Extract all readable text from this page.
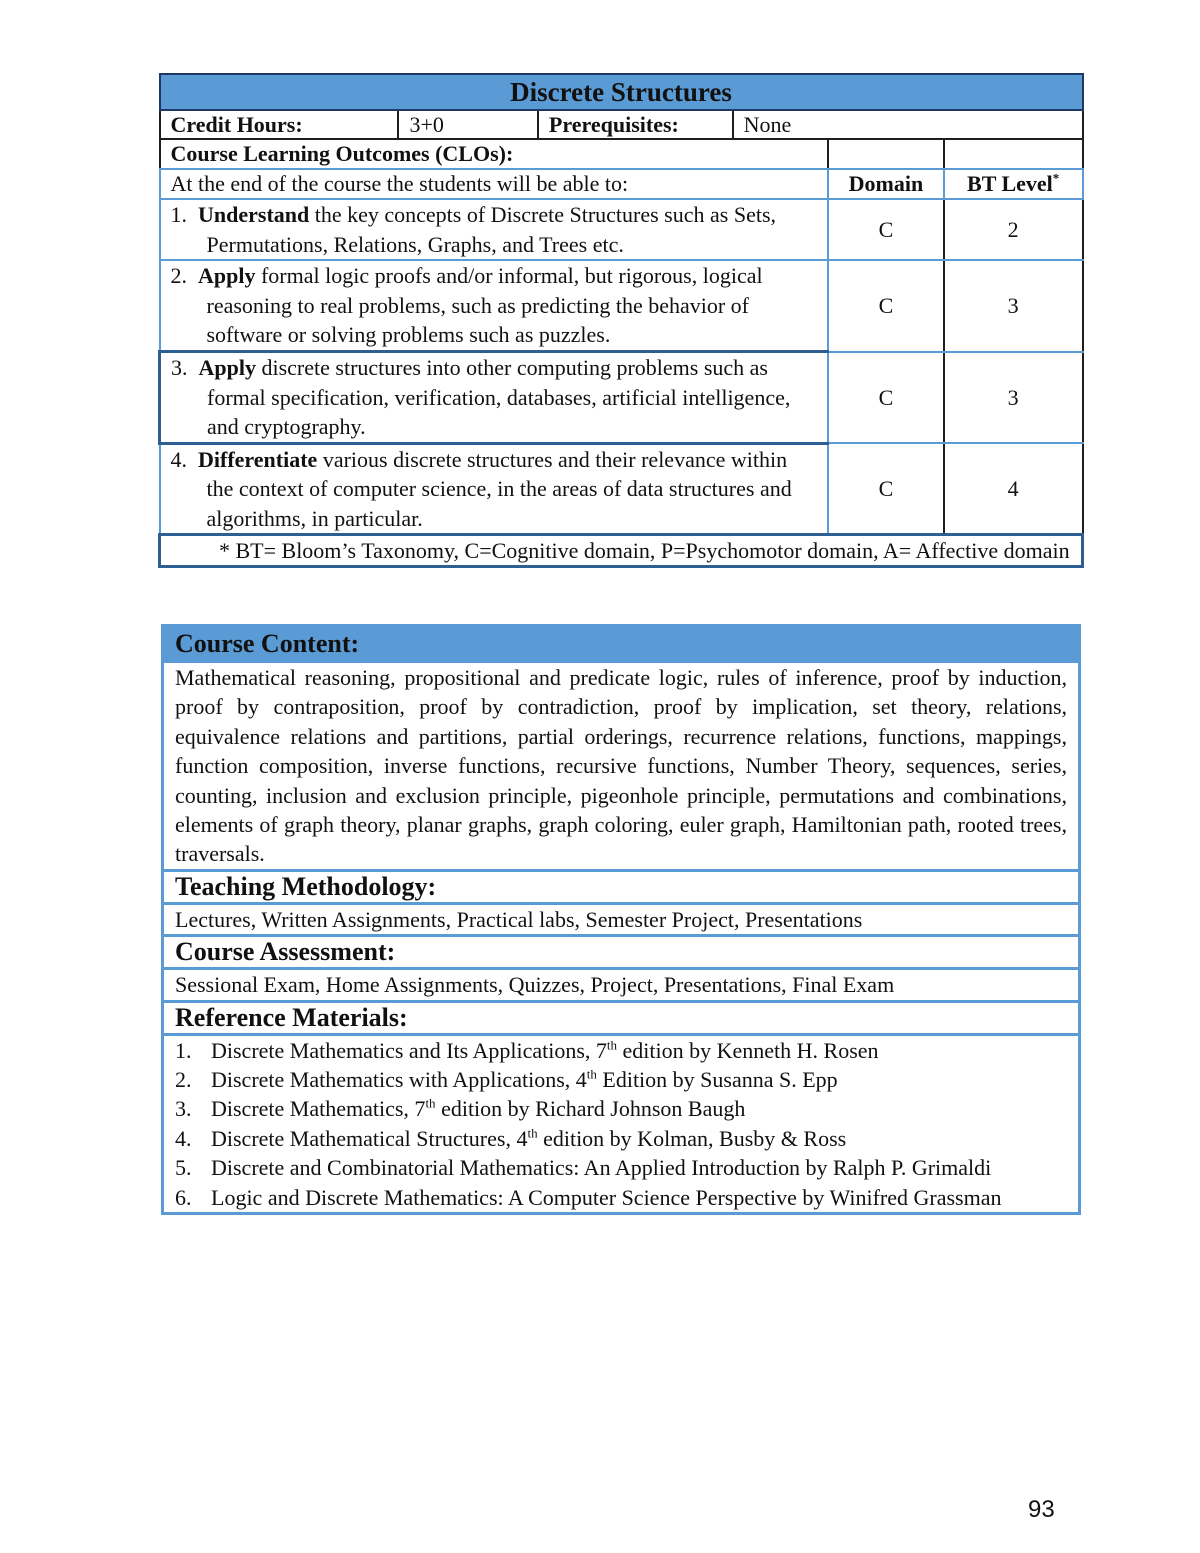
Discrete Structures					
Credit Hours:	3+0	Prerequisites:	None		
Course Learning Outcomes (CLOs):					
At the end of the course the students will be able to:				Domain	BT Level*
1. Understand the key concepts of Discrete Structures such as Sets, Permutations, Relations, Graphs, and Trees etc.				C	2
2. Apply formal logic proofs and/or informal, but rigorous, logical reasoning to real problems, such as predicting the behavior of software or solving problems such as puzzles.				C	3
3. Apply discrete structures into other computing problems such as formal specification, verification, databases, artificial intelligence, and cryptography.				C	3
4. Differentiate various discrete structures and their relevance within the context of computer science, in the areas of data structures and algorithms, in particular.				C	4
* BT= Bloom’s Taxonomy, C=Cognitive domain, P=Psychomotor domain, A= Affective domain					
Course Content:
Mathematical reasoning, propositional and predicate logic, rules of inference, proof by induction, proof by contraposition, proof by contradiction, proof by implication, set theory, relations, equivalence relations and partitions, partial orderings, recurrence relations, functions, mappings, function composition, inverse functions, recursive functions, Number Theory, sequences, series, counting, inclusion and exclusion principle, pigeonhole principle, permutations and combinations, elements of graph theory, planar graphs, graph coloring, euler graph, Hamiltonian path, rooted trees, traversals.
Teaching Methodology:
Lectures, Written Assignments, Practical labs, Semester Project, Presentations
Course Assessment:
Sessional Exam, Home Assignments, Quizzes, Project, Presentations, Final Exam
Reference Materials:

1. Discrete Mathematics and Its Applications, 7th edition by Kenneth H. Rosen
2. Discrete Mathematics with Applications, 4th Edition by Susanna S. Epp
3. Discrete Mathematics, 7th edition by Richard Johnson Baugh
4. Discrete Mathematical Structures, 4th edition by Kolman, Busby & Ross
5. Discrete and Combinatorial Mathematics: An Applied Introduction by Ralph P. Grimaldi
6. Logic and Discrete Mathematics: A Computer Science Perspective by Winifred Grassman
93
